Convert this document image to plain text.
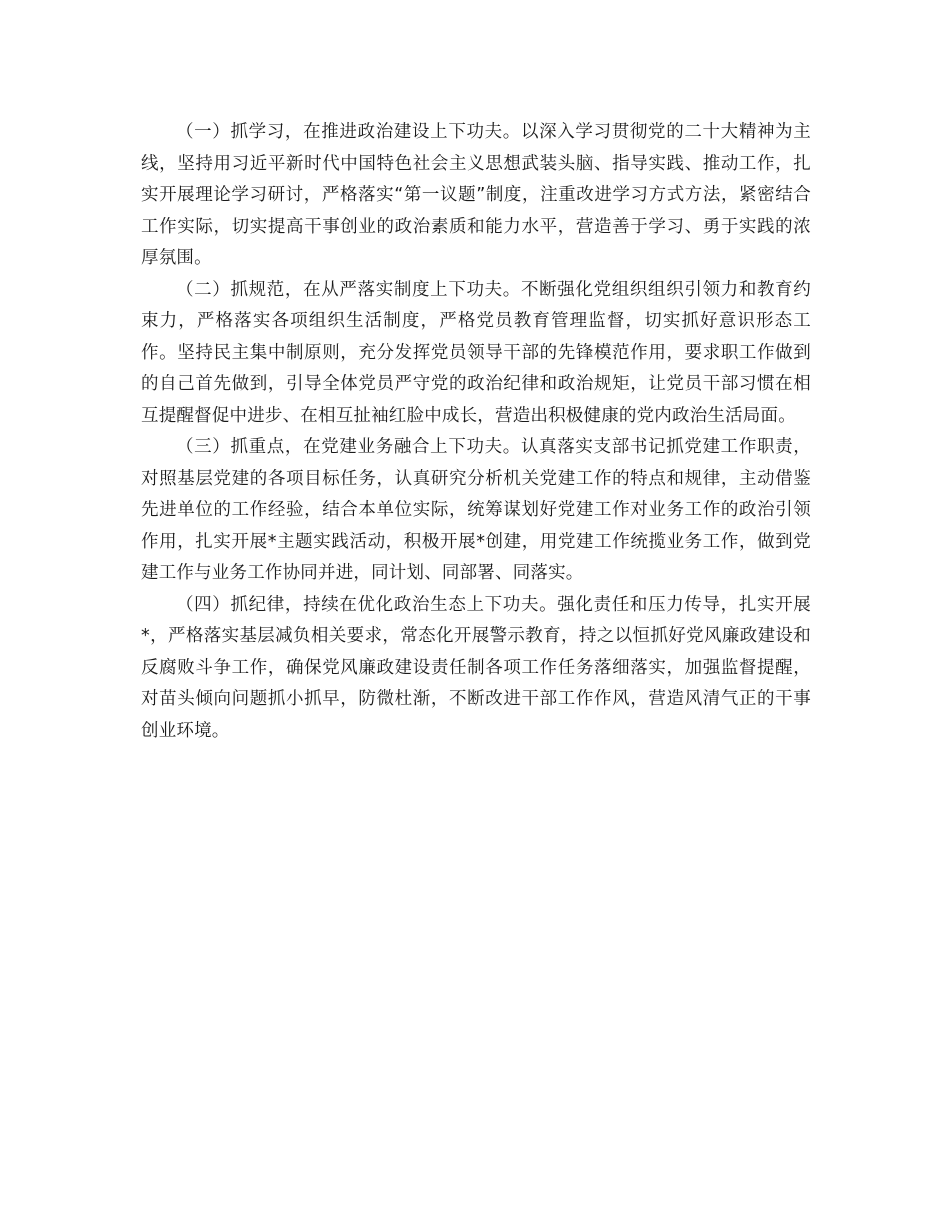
（一）抓学习，在推进政治建设上下功夫。以深入学习贯彻党的二十大精神为主线，坚持用习近平新时代中国特色社会主义思想武装头脑、指导实践、推动工作，扎实开展理论学习研讨，严格落实“第一议题”制度，注重改进学习方式方法，紧密结合工作实际，切实提高干事创业的政治素质和能力水平，营造善于学习、勇于实践的浓厚氛围。

（二）抓规范，在从严落实制度上下功夫。不断强化党组织组织引领力和教育约束力，严格落实各项组织生活制度，严格党员教育管理监督，切实抓好意识形态工作。坚持民主集中制原则，充分发挥党员领导干部的先锋模范作用，要求职工作做到的自己首先做到，引导全体党员严守党的政治纪律和政治规矩，让党员干部习惯在相互提醒督促中进步、在相互扯袖红脸中成长，营造出积极健康的党内政治生活局面。

（三）抓重点，在党建业务融合上下功夫。认真落实支部书记抓党建工作职责，对照基层党建的各项目标任务，认真研究分析机关党建工作的特点和规律，主动借鉴先进单位的工作经验，结合本单位实际，统筹谋划好党建工作对业务工作的政治引领作用，扎实开展*主题实践活动，积极开展*创建，用党建工作统揽业务工作，做到党建工作与业务工作协同并进，同计划、同部署、同落实。

（四）抓纪律，持续在优化政治生态上下功夫。强化责任和压力传导，扎实开展*，严格落实基层减负相关要求，常态化开展警示教育，持之以恒抓好党风廉政建设和反腐败斗争工作，确保党风廉政建设责任制各项工作任务落细落实，加强监督提醒，对苗头倾向问题抓小抓早，防微杜渐，不断改进干部工作作风，营造风清气正的干事创业环境。
